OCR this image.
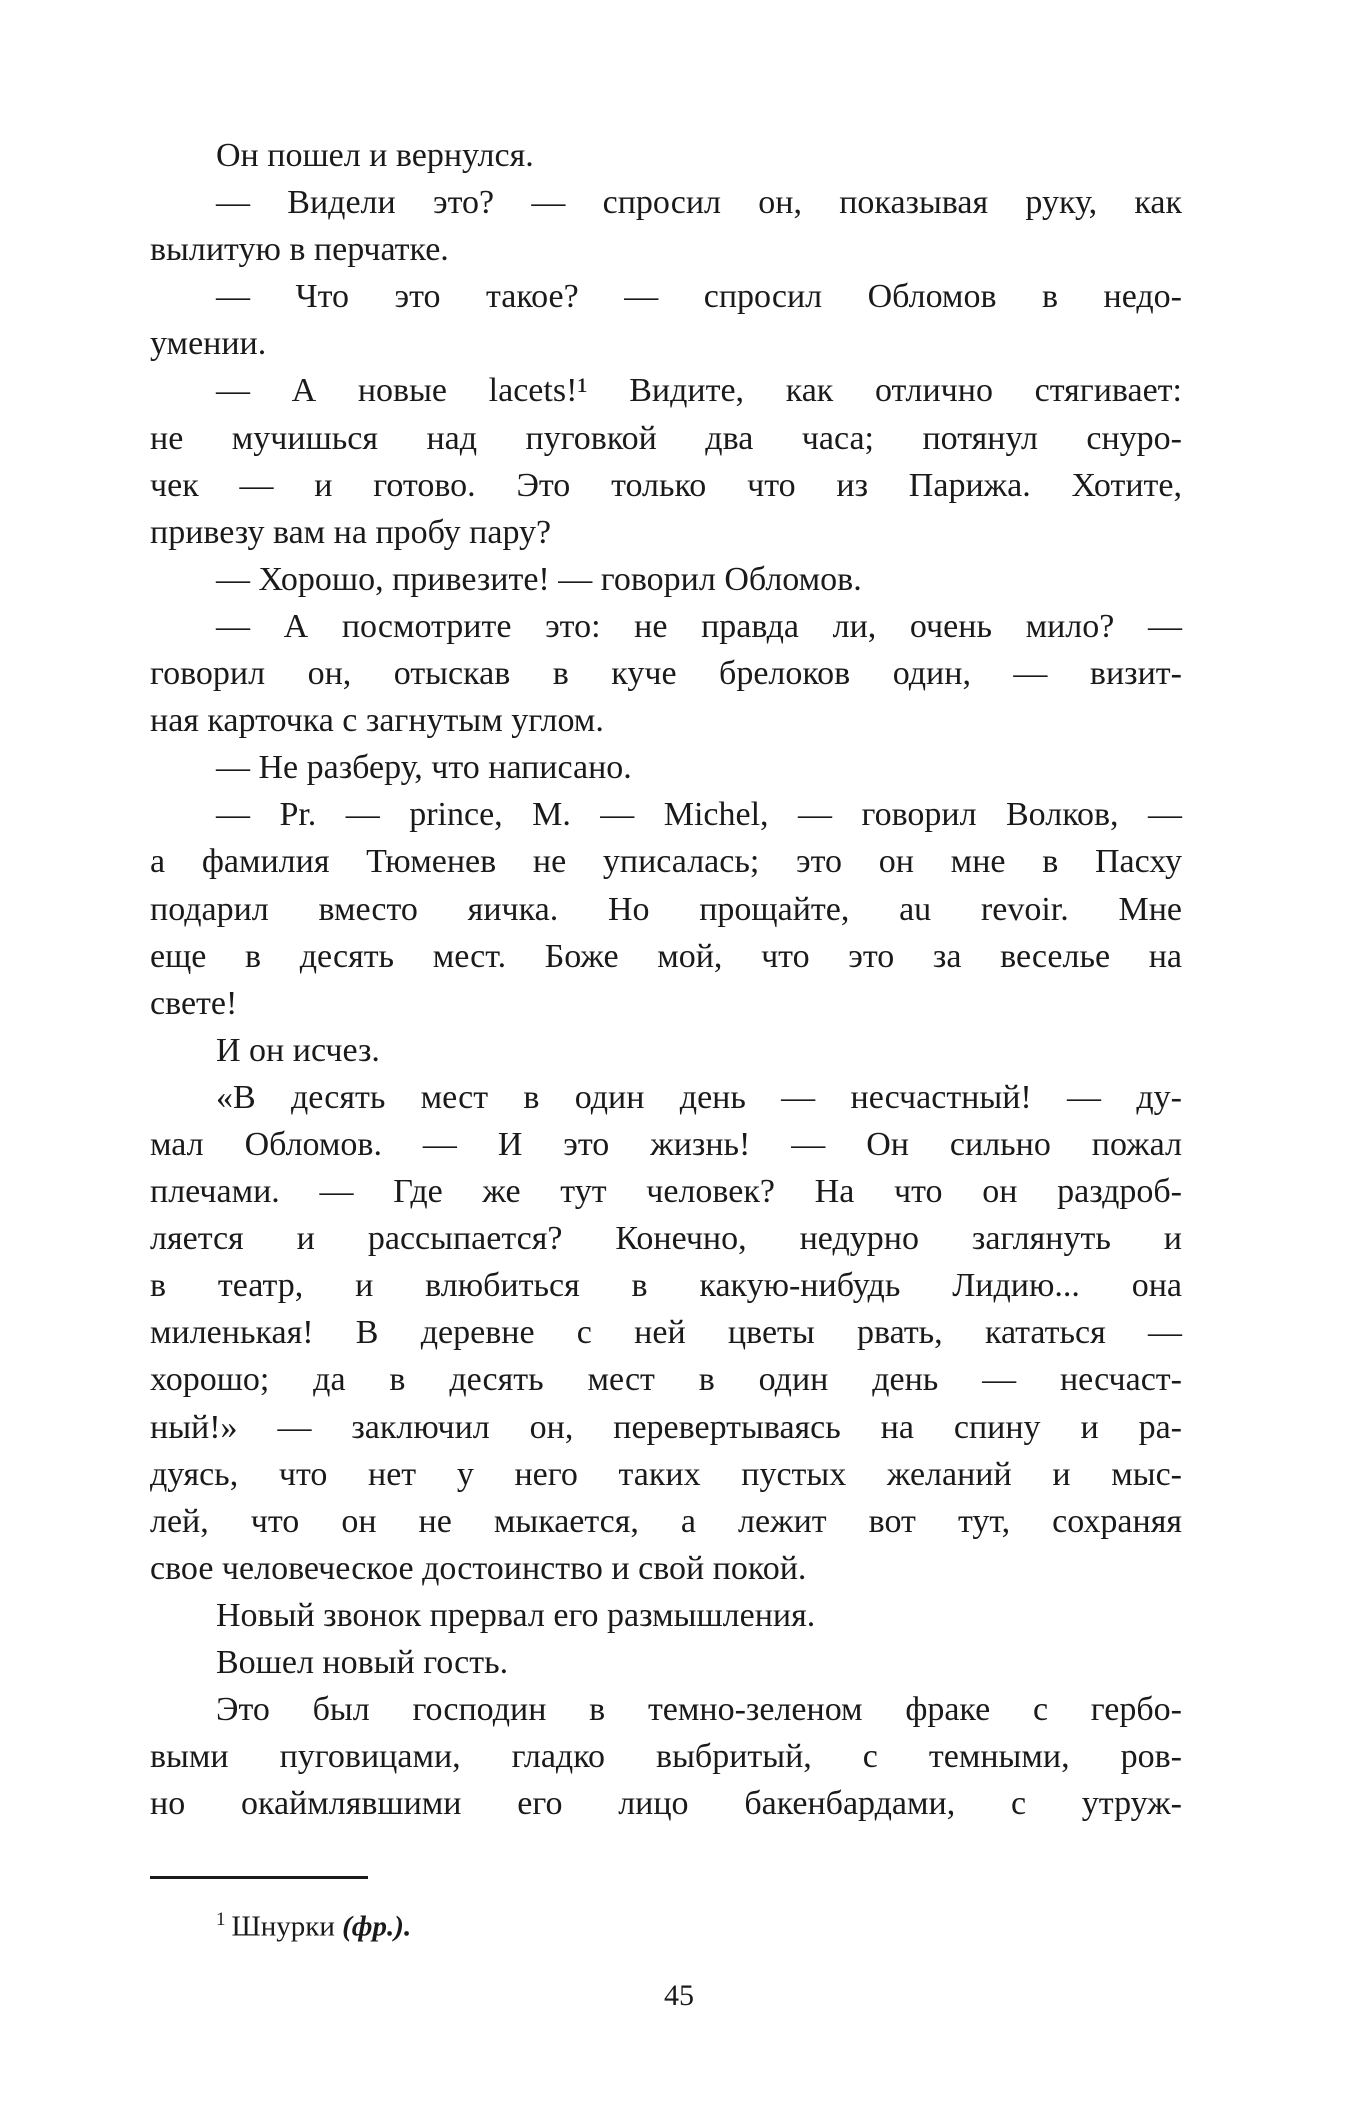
Он пошел и вернулся.
— Видели это? — спросил он, показывая руку, как
вылитую в перчатке.
— Что это такое? — спросил Обломов в недо-
умении.
— А новые lacets!¹ Видите, как отлично стягивает:
не мучишься над пуговкой два часа; потянул снуро-
чек — и готово. Это только что из Парижа. Хотите,
привезу вам на пробу пару?
— Хорошо, привезите! — говорил Обломов.
— А посмотрите это: не правда ли, очень мило? —
говорил он, отыскав в куче брелоков один, — визит-
ная карточка с загнутым углом.
— Не разберу, что написано.
— Pr. — prince, M. — Michel, — говорил Волков, —
а фамилия Тюменев не уписалась; это он мне в Пасху
подарил вместо яичка. Но прощайте, au revoir. Мне
еще в десять мест. Боже мой, что это за веселье на
свете!
И он исчез.
«В десять мест в один день — несчастный! — ду-
мал Обломов. — И это жизнь! — Он сильно пожал
плечами. — Где же тут человек? На что он раздроб-
ляется и рассыпается? Конечно, недурно заглянуть и
в театр, и влюбиться в какую-нибудь Лидию... она
миленькая! В деревне с ней цветы рвать, кататься —
хорошо; да в десять мест в один день — несчаст-
ный!» — заключил он, перевертываясь на спину и ра-
дуясь, что нет у него таких пустых желаний и мыс-
лей, что он не мыкается, а лежит вот тут, сохраняя
свое человеческое достоинство и свой покой.
Новый звонок прервал его размышления.
Вошел новый гость.
Это был господин в темно-зеленом фраке с гербо-
выми пуговицами, гладко выбритый, с темными, ров-
но окаймлявшими его лицо бакенбардами, с утруж-
$^1$ Шнурки (фр.).
45
